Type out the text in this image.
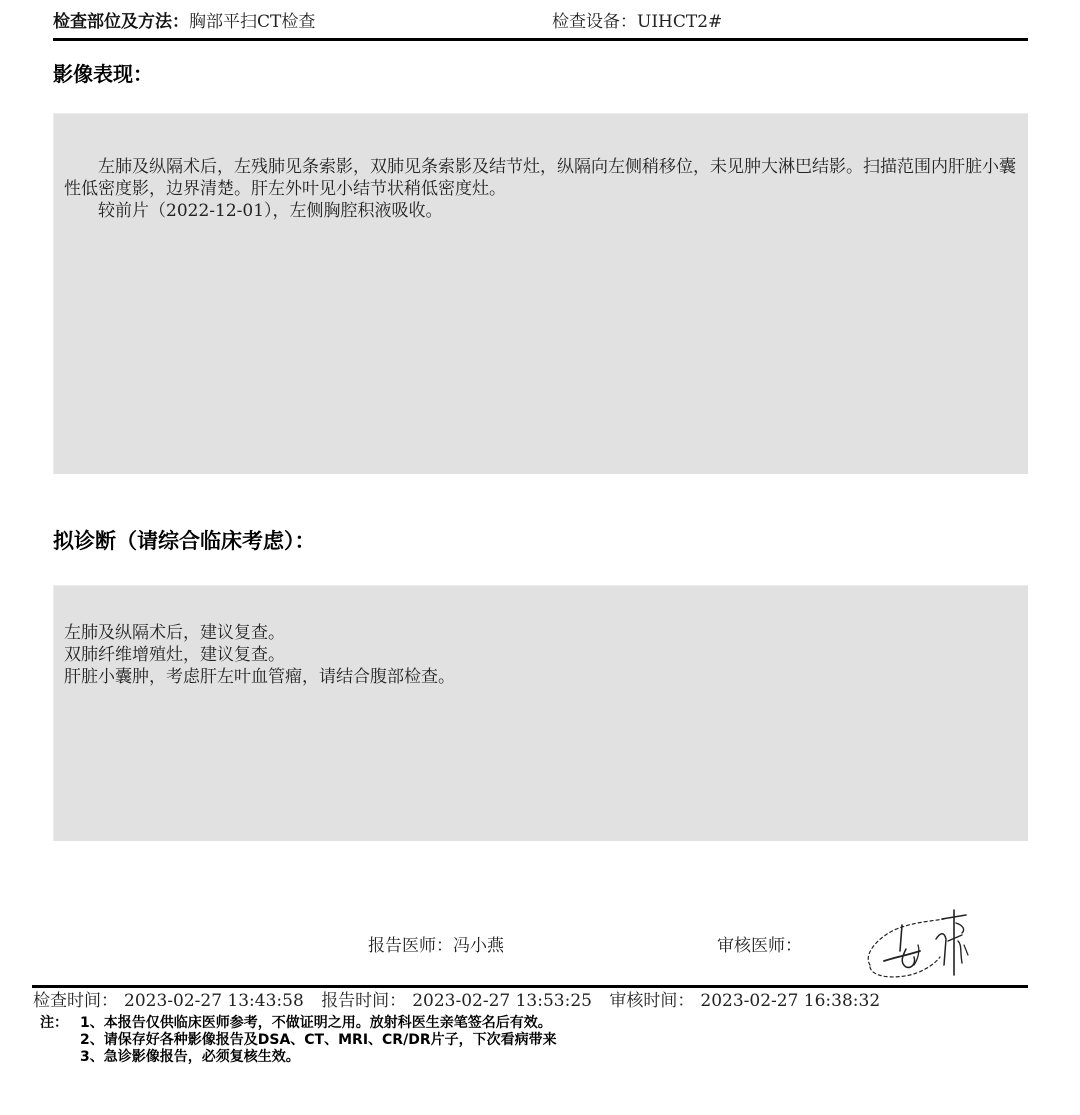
检查部位及方法：胸部平扫CT检查	检查设备：UIHCT2#
影像表现：

左肺及纵隔术后，左残肺见条索影，双肺见条索影及结节灶，纵隔向左侧稍移位，未见肿大淋巴结影。扫描范围内肝脏小囊性低密度影，边界清楚。肝左外叶见小结节状稍低密度灶。

较前片（2022-12-01），左侧胸腔积液吸收。

拟诊断（请综合临床考虑）：

左肺及纵隔术后，建议复查。

双肺纤维增殖灶，建议复查。

肝脏小囊肿，考虑肝左叶血管瘤，请结合腹部检查。

报告医师：冯小燕	审核医师：
检查时间： 2023-02-27 13:43:58 报告时间： 2023-02-27 13:53:25 审核时间： 2023-02-27 16:38:32
注： 1、本报告仅供临床医师参考，不做证明之用。放射科医生亲笔签名后有效。
2、请保存好各种影像报告及DSA、CT、MRI、CR/DR片子，下次看病带来
3、急诊影像报告，必须复核生效。
